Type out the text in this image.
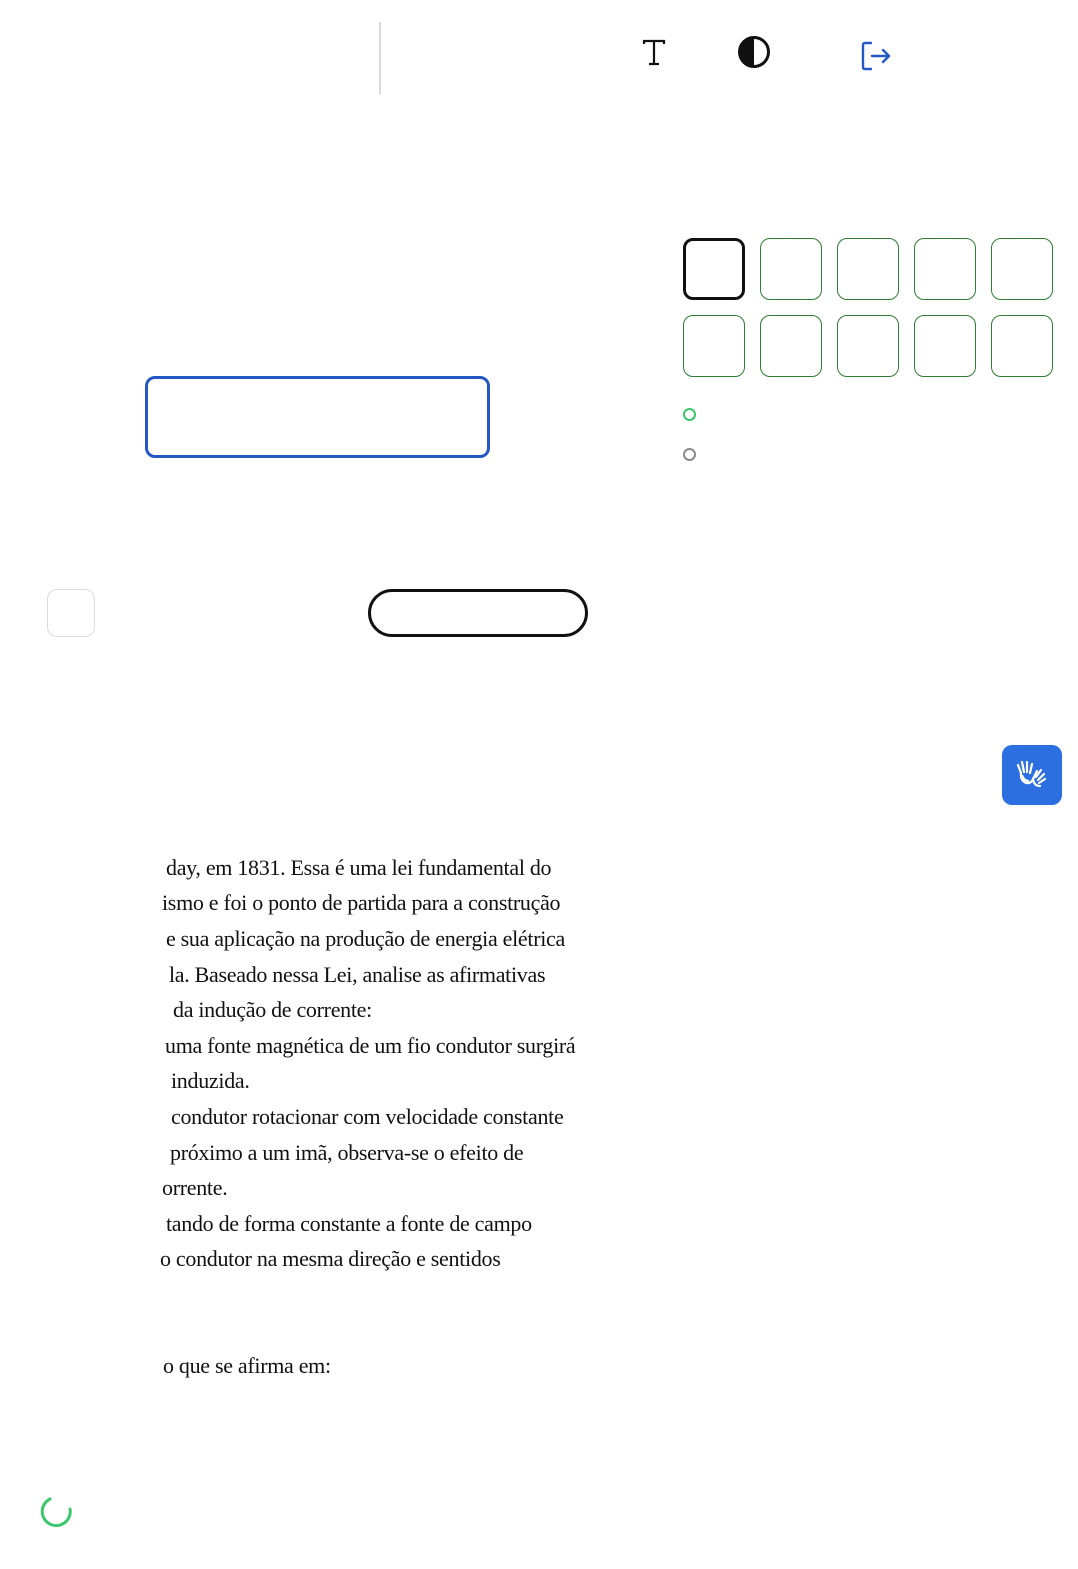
day, em 1831. Essa é uma lei fundamental do
ismo e foi o ponto de partida para a construção
e sua aplicação na produção de energia elétrica
la. Baseado nessa Lei, analise as afirmativas
da indução de corrente:
uma fonte magnética de um fio condutor surgirá
induzida.
condutor rotacionar com velocidade constante
próximo a um imã, observa-se o efeito de
orrente.
tando de forma constante a fonte de campo
o condutor na mesma direção e sentidos
o que se afirma em:
